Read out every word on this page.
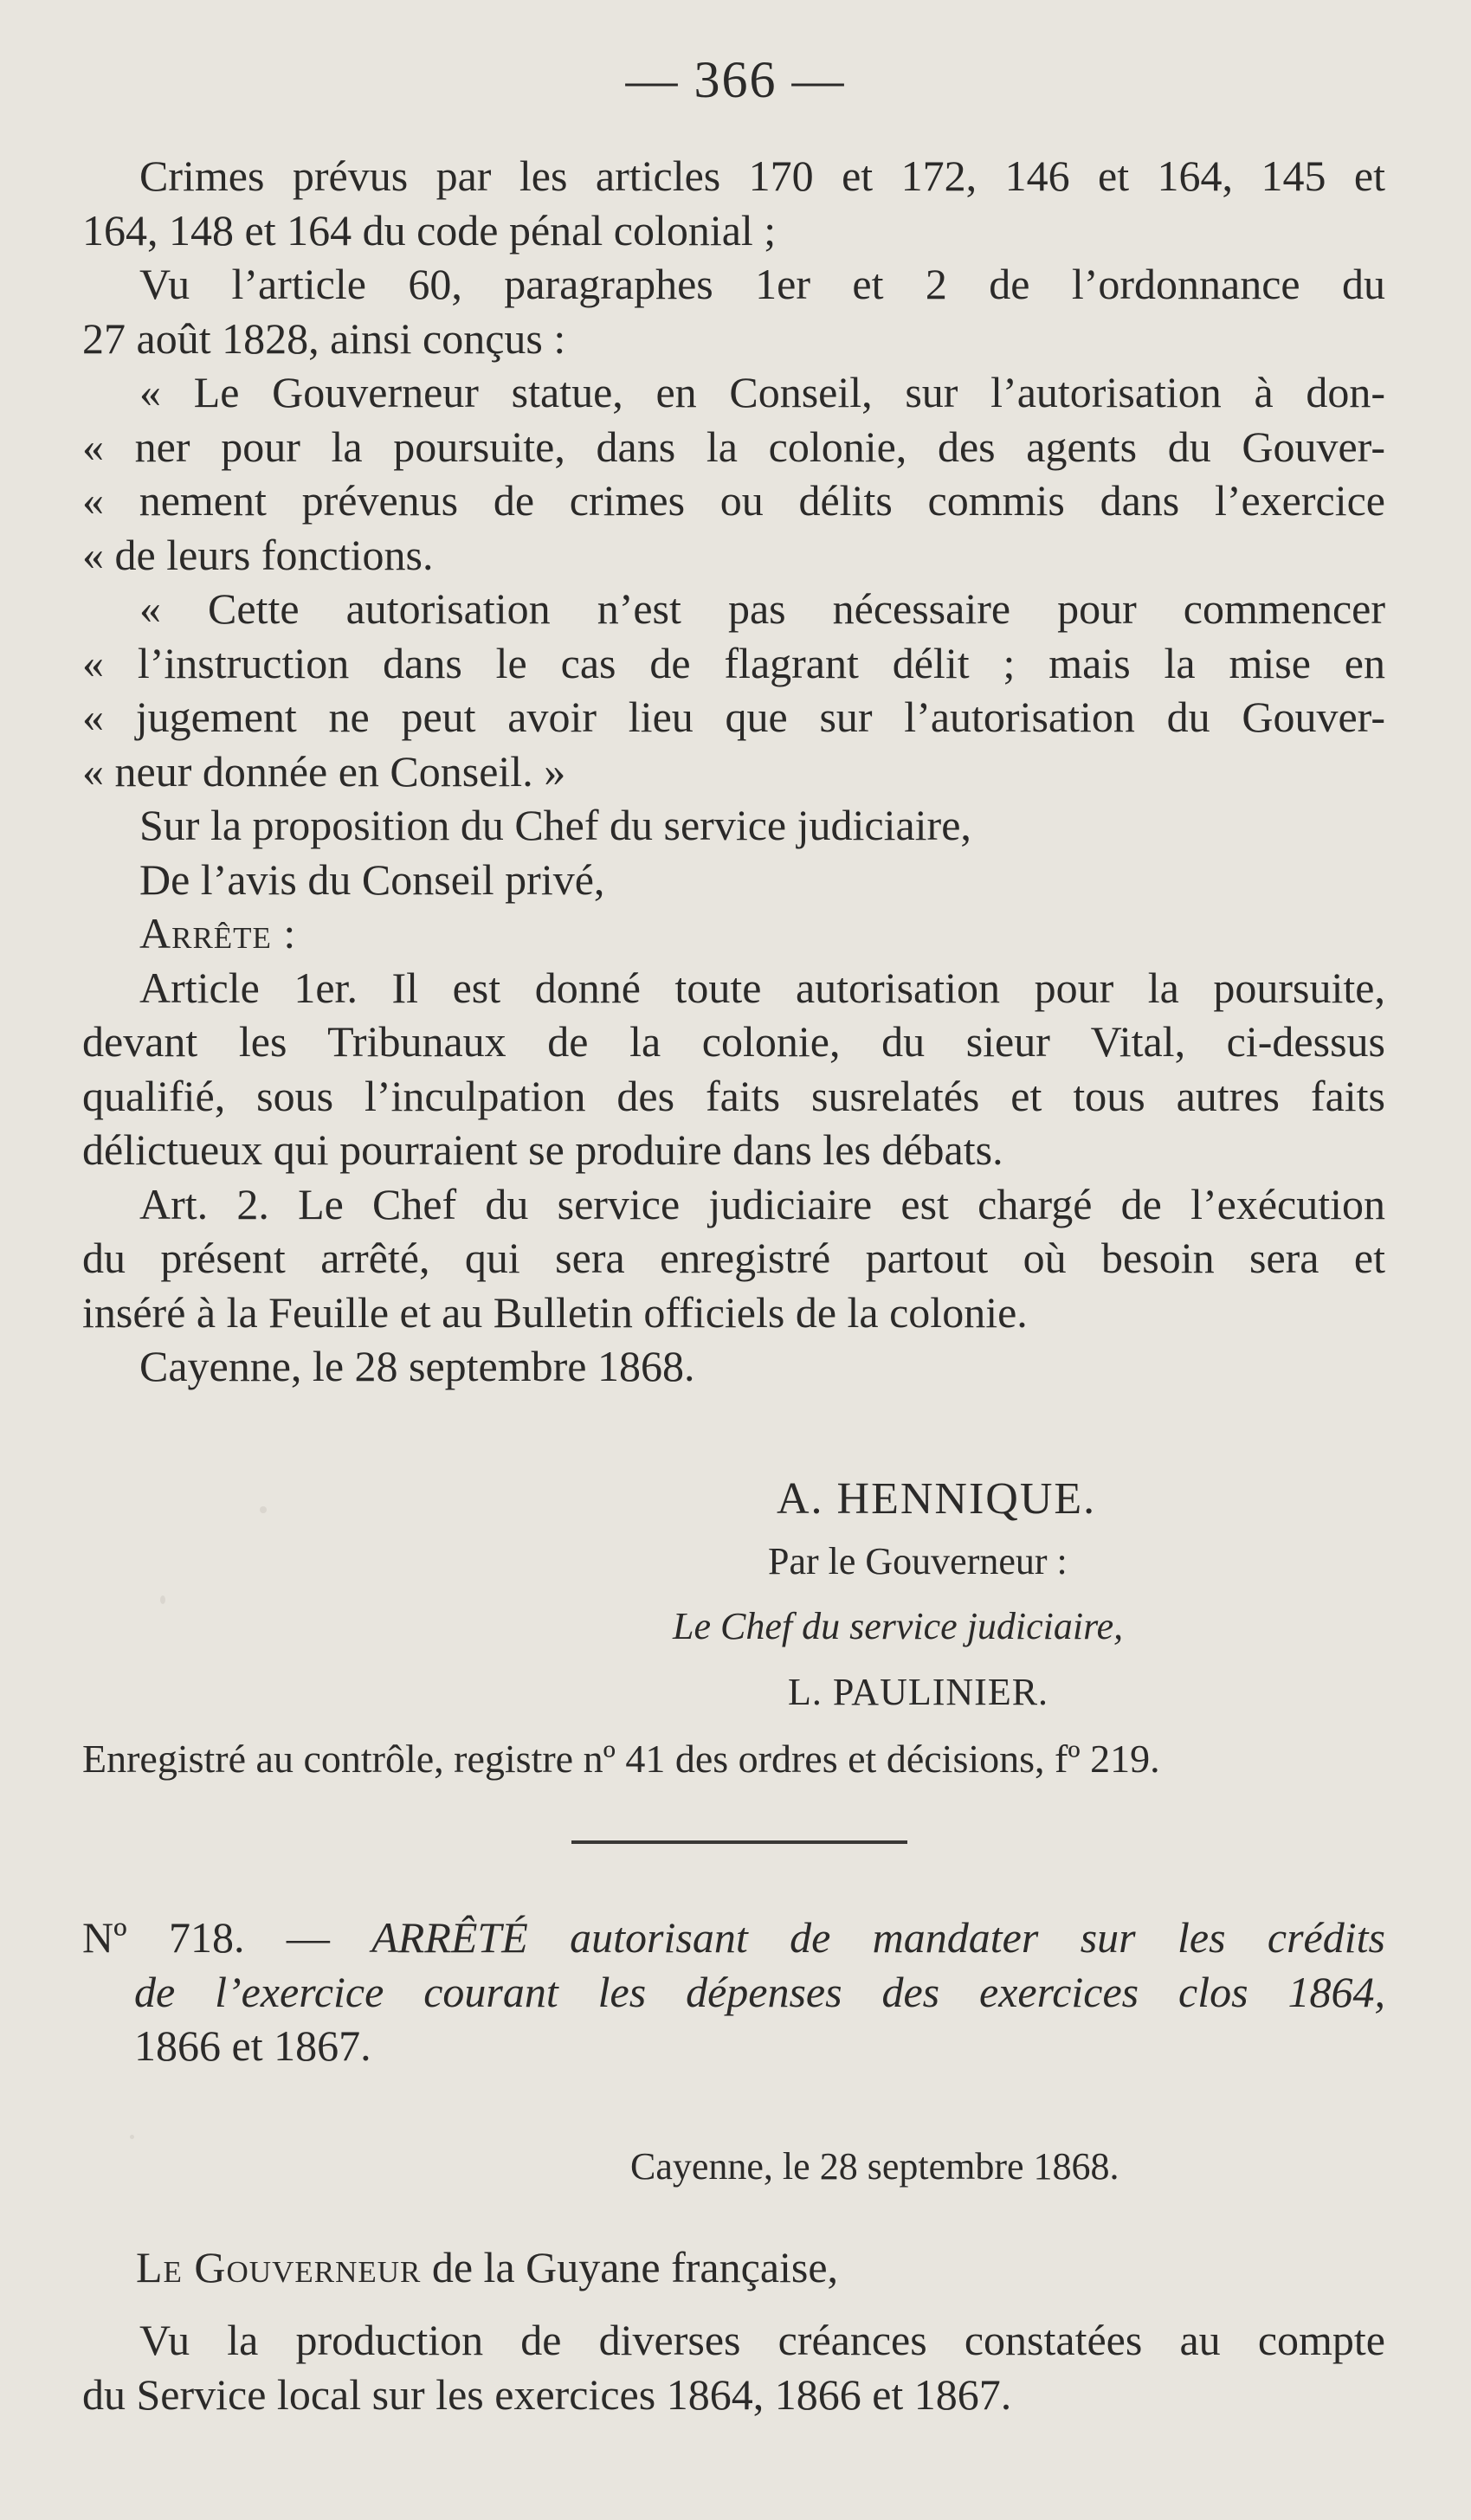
— 366 —
Crimes prévus par les articles 170 et 172, 146 et 164, 145 et
164, 148 et 164 du code pénal colonial ;
Vu l’article 60, paragraphes 1er et 2 de l’ordonnance du
27 août 1828, ainsi conçus :
« Le Gouverneur statue, en Conseil, sur l’autorisation à don-
« ner pour la poursuite, dans la colonie, des agents du Gouver-
« nement prévenus de crimes ou délits commis dans l’exercice
« de leurs fonctions.
« Cette autorisation n’est pas nécessaire pour commencer
« l’instruction dans le cas de flagrant délit ; mais la mise en
« jugement ne peut avoir lieu que sur l’autorisation du Gouver-
« neur donnée en Conseil. »
Sur la proposition du Chef du service judiciaire,
De l’avis du Conseil privé,
Arrête :
Article 1er. Il est donné toute autorisation pour la poursuite,
devant les Tribunaux de la colonie, du sieur Vital, ci-dessus
qualifié, sous l’inculpation des faits susrelatés et tous autres faits
délictueux qui pourraient se produire dans les débats.
Art. 2. Le Chef du service judiciaire est chargé de l’exécution
du présent arrêté, qui sera enregistré partout où besoin sera et
inséré à la Feuille et au Bulletin officiels de la colonie.
Cayenne, le 28 septembre 1868.
A. HENNIQUE.
Par le Gouverneur :
Le Chef du service judiciaire,
L. PAULINIER.
Enregistré au contrôle, registre nº 41 des ordres et décisions, fº 219.
Nº 718. — ARRÊTÉ autorisant de mandater sur les crédits
de l’exercice courant les dépenses des exercices clos 1864,
1866 et 1867.
Cayenne, le 28 septembre 1868.
Le Gouverneur de la Guyane française,
Vu la production de diverses créances constatées au compte
du Service local sur les exercices 1864, 1866 et 1867.
